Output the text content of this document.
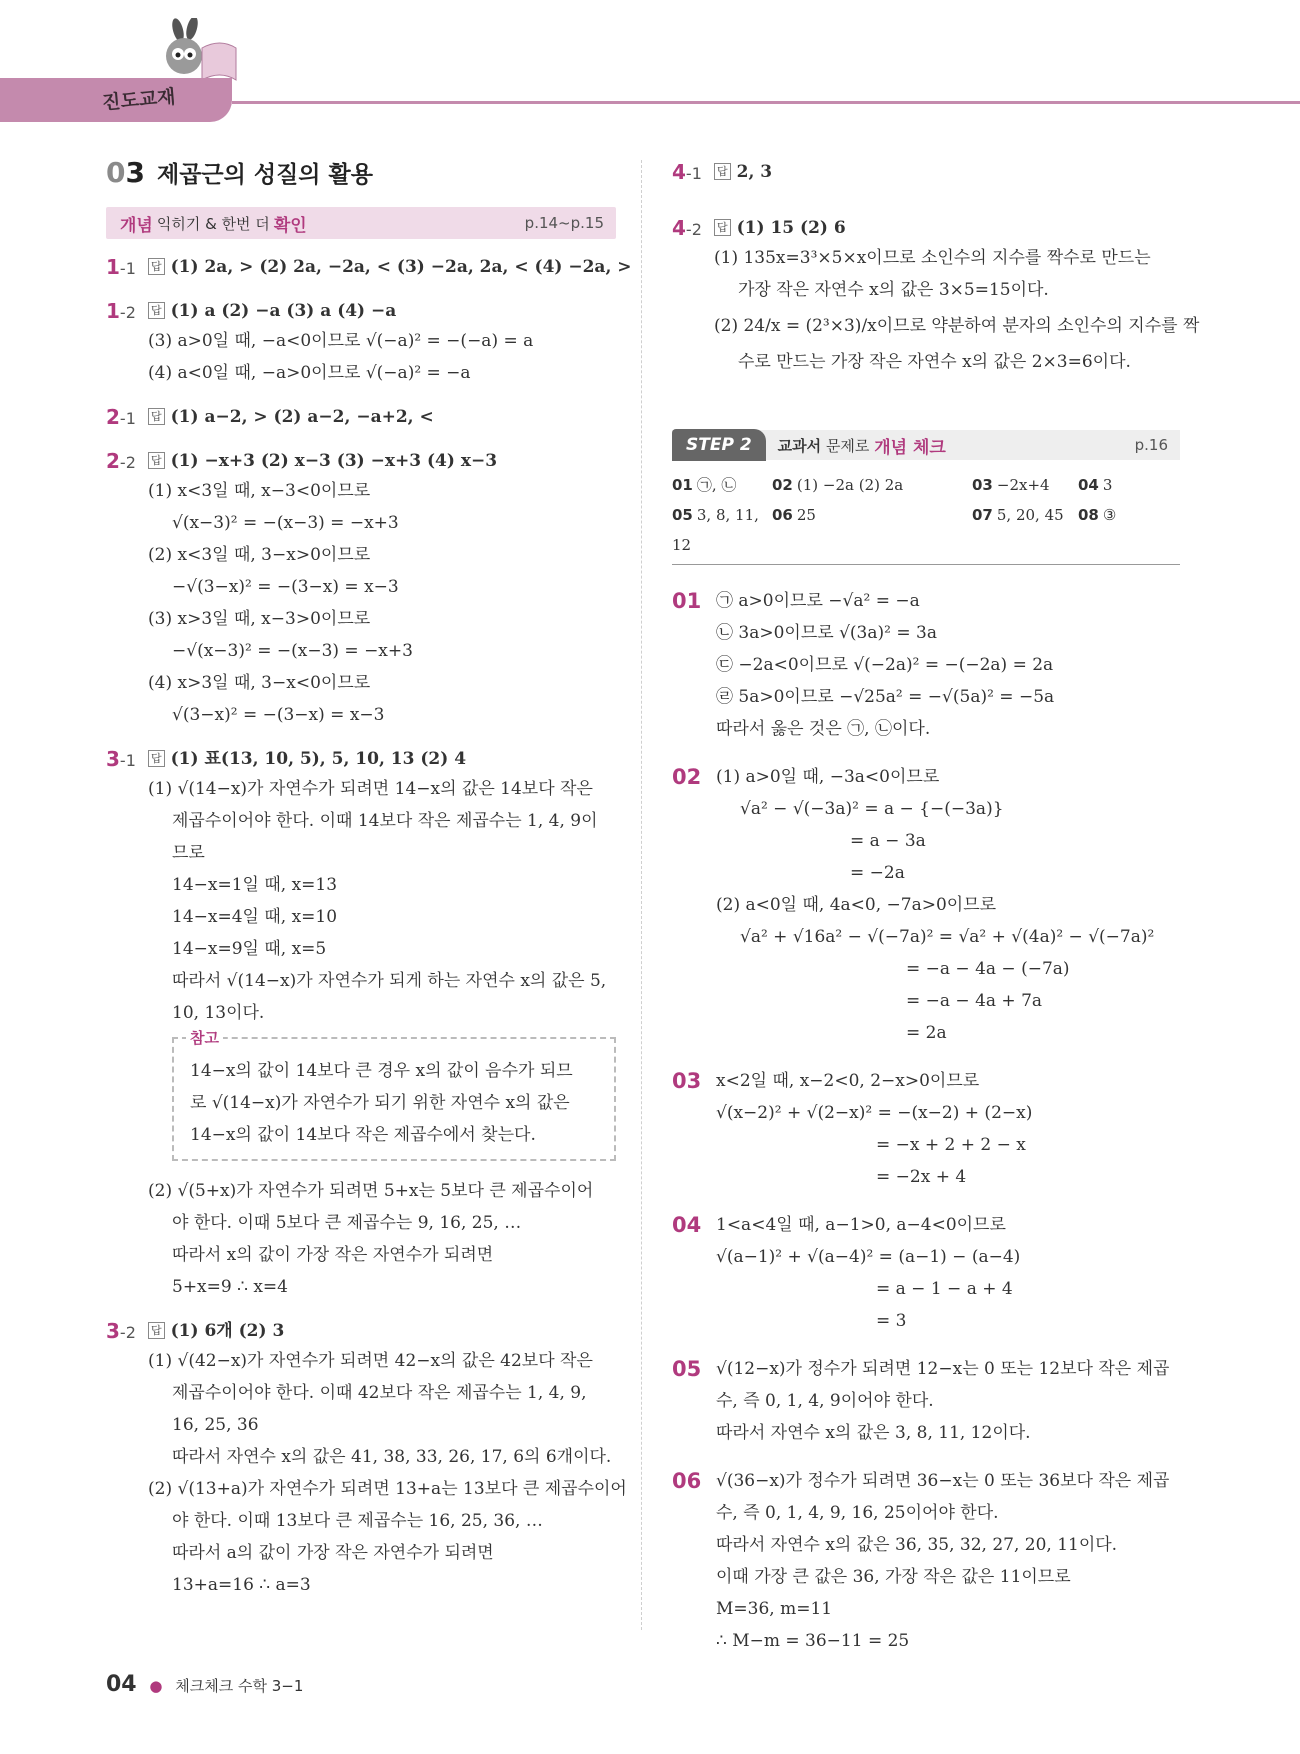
진도교재
03 제곱근의 성질의 활용
개념 익히기 & 한번 더 확인	p.14~p.15
1-1	답 (1) 2a, > (2) 2a, −2a, < (3) −2a, 2a, < (4) −2a, >
1-2	답 (1) a (2) −a (3) a (4) −a
(3) a>0일 때, −a<0이므로 √(−a)² = −(−a) = a
(4) a<0일 때, −a>0이므로 √(−a)² = −a
2-1	답 (1) a−2, > (2) a−2, −a+2, <
2-2	답 (1) −x+3 (2) x−3 (3) −x+3 (4) x−3
(1) x<3일 때, x−3<0이므로
√(x−3)² = −(x−3) = −x+3
(2) x<3일 때, 3−x>0이므로
−√(3−x)² = −(3−x) = x−3
(3) x>3일 때, x−3>0이므로
−√(x−3)² = −(x−3) = −x+3
(4) x>3일 때, 3−x<0이므로
√(3−x)² = −(3−x) = x−3
3-1	답 (1) 표(13, 10, 5), 5, 10, 13 (2) 4
(1) √(14−x)가 자연수가 되려면 14−x의 값은 14보다 작은
제곱수이어야 한다. 이때 14보다 작은 제곱수는 1, 4, 9이
므로
14−x=1일 때, x=13
14−x=4일 때, x=10
14−x=9일 때, x=5
따라서 √(14−x)가 자연수가 되게 하는 자연수 x의 값은 5,
10, 13이다.
참고
14−x의 값이 14보다 큰 경우 x의 값이 음수가 되므
로 √(14−x)가 자연수가 되기 위한 자연수 x의 값은
14−x의 값이 14보다 작은 제곱수에서 찾는다.
(2) √(5+x)가 자연수가 되려면 5+x는 5보다 큰 제곱수이어
야 한다. 이때 5보다 큰 제곱수는 9, 16, 25, …
따라서 x의 값이 가장 작은 자연수가 되려면
5+x=9 ∴ x=4
3-2	답 (1) 6개 (2) 3
(1) √(42−x)가 자연수가 되려면 42−x의 값은 42보다 작은
제곱수이어야 한다. 이때 42보다 작은 제곱수는 1, 4, 9,
16, 25, 36
따라서 자연수 x의 값은 41, 38, 33, 26, 17, 6의 6개이다.
(2) √(13+a)가 자연수가 되려면 13+a는 13보다 큰 제곱수이어
야 한다. 이때 13보다 큰 제곱수는 16, 25, 36, …
따라서 a의 값이 가장 작은 자연수가 되려면
13+a=16 ∴ a=3
4-1	답 2, 3
4-2	답 (1) 15 (2) 6
(1) 135x=3³×5×x이므로 소인수의 지수를 짝수로 만드는
가장 작은 자연수 x의 값은 3×5=15이다.
(2) 24/x = (2³×3)/x이므로 약분하여 분자의 소인수의 지수를 짝
수로 만드는 가장 작은 자연수 x의 값은 2×3=6이다.
STEP 2	교과서
문제로
개념 체크	p.16
01 ㉠, ㉡	02 (1) −2a (2) 2a	03 −2x+4	04 3
05 3, 8, 11, 12
06 25	07 5, 20, 45 08 ③
01 ㉠ a>0이므로 −√a² = −a
㉡ 3a>0이므로 √(3a)² = 3a
㉢ −2a<0이므로 √(−2a)² = −(−2a) = 2a
㉣ 5a>0이므로 −√25a² = −√(5a)² = −5a
따라서 옳은 것은 ㉠, ㉡이다.
02 (1) a>0일 때, −3a<0이므로
√a² − √(−3a)² = a − {−(−3a)}
= a − 3a
= −2a
(2) a<0일 때, 4a<0, −7a>0이므로
√a² + √16a² − √(−7a)² = √a² + √(4a)² − √(−7a)²
= −a − 4a − (−7a)
= −a − 4a + 7a
= 2a
03 x<2일 때, x−2<0, 2−x>0이므로
√(x−2)² + √(2−x)² = −(x−2) + (2−x)
= −x + 2 + 2 − x
= −2x + 4
04 1<a<4일 때, a−1>0, a−4<0이므로
√(a−1)² + √(a−4)² = (a−1) − (a−4)
= a − 1 − a + 4
= 3
05 √(12−x)가 정수가 되려면 12−x는 0 또는 12보다 작은 제곱
수, 즉 0, 1, 4, 9이어야 한다.
따라서 자연수 x의 값은 3, 8, 11, 12이다.
06 √(36−x)가 정수가 되려면 36−x는 0 또는 36보다 작은 제곱
수, 즉 0, 1, 4, 9, 16, 25이어야 한다.
따라서 자연수 x의 값은 36, 35, 32, 27, 20, 11이다.
이때 가장 큰 값은 36, 가장 작은 값은 11이므로
M=36, m=11
∴ M−m = 36−11 = 25
04 ● 체크체크 수학 3−1
